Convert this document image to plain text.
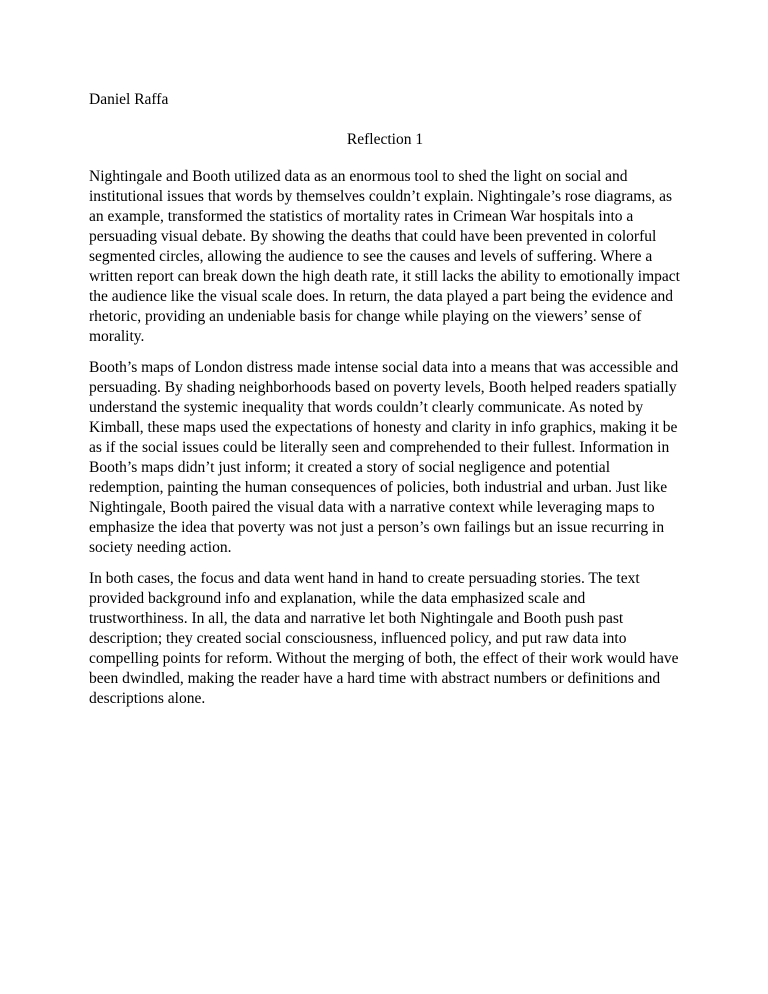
Daniel Raffa

Reflection 1

Nightingale and Booth utilized data as an enormous tool to shed the light on social and institutional issues that words by themselves couldn’t explain. Nightingale’s rose diagrams, as an example, transformed the statistics of mortality rates in Crimean War hospitals into a persuading visual debate. By showing the deaths that could have been prevented in colorful segmented circles, allowing the audience to see the causes and levels of suffering. Where a written report can break down the high death rate, it still lacks the ability to emotionally impact the audience like the visual scale does. In return, the data played a part being the evidence and rhetoric, providing an undeniable basis for change while playing on the viewers’ sense of morality.

Booth’s maps of London distress made intense social data into a means that was accessible and persuading. By shading neighborhoods based on poverty levels, Booth helped readers spatially understand the systemic inequality that words couldn’t clearly communicate. As noted by Kimball, these maps used the expectations of honesty and clarity in info graphics, making it be as if the social issues could be literally seen and comprehended to their fullest. Information in Booth’s maps didn’t just inform; it created a story of social negligence and potential redemption, painting the human consequences of policies, both industrial and urban. Just like Nightingale, Booth paired the visual data with a narrative context while leveraging maps to emphasize the idea that poverty was not just a person’s own failings but an issue recurring in society needing action.

In both cases, the focus and data went hand in hand to create persuading stories. The text provided background info and explanation, while the data emphasized scale and trustworthiness. In all, the data and narrative let both Nightingale and Booth push past description; they created social consciousness, influenced policy, and put raw data into compelling points for reform. Without the merging of both, the effect of their work would have been dwindled, making the reader have a hard time with abstract numbers or definitions and descriptions alone.
